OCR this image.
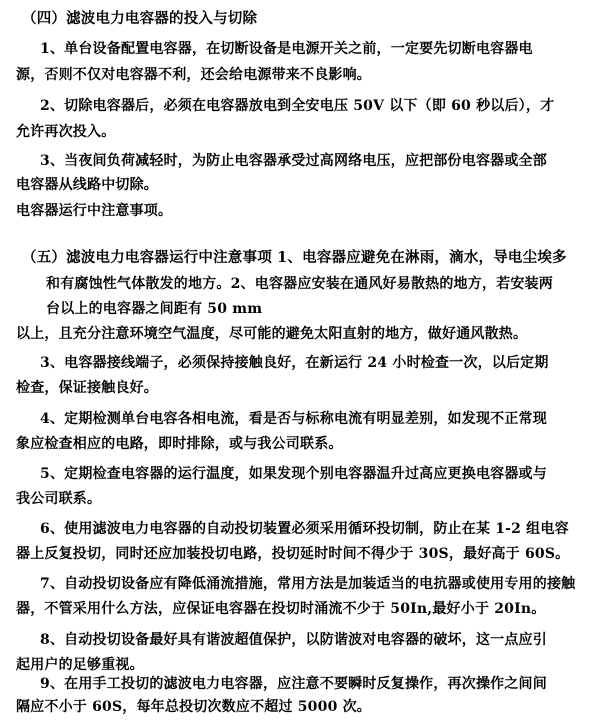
（四）滤波电力电容器的投入与切除
1、单台设备配置电容器，在切断设备是电源开关之前，一定要先切断电容器电
源，否则不仅对电容器不利，还会给电源带来不良影响。
2、切除电容器后，必须在电容器放电到全安电压 50V 以下（即 60 秒以后），才
允许再次投入。
3、当夜间负荷减轻时，为防止电容器承受过高网络电压，应把部份电容器或全部
电容器从线路中切除。
电容器运行中注意事项。
（五）滤波电力电容器运行中注意事项 1、电容器应避免在淋雨，滴水，导电尘埃多
和有腐蚀性气体散发的地方。2、电容器应安装在通风好易散热的地方，若安装两
台以上的电容器之间距有 50 mm
以上，且充分注意环境空气温度，尽可能的避免太阳直射的地方，做好通风散热。
3、电容器接线端子，必须保持接触良好，在新运行 24 小时检查一次，以后定期
检查，保证接触良好。
4、定期检测单台电容各相电流，看是否与标称电流有明显差别，如发现不正常现
象应检查相应的电路，即时排除，或与我公司联系。
5、定期检查电容器的运行温度，如果发现个别电容器温升过高应更换电容器或与
我公司联系。
6、使用滤波电力电容器的自动投切装置必须采用循环投切制，防止在某 1-2 组电容
器上反复投切，同时还应加装投切电路，投切延时时间不得少于 30S，最好高于 60S。
7、自动投切设备应有降低涌流措施，常用方法是加装适当的电抗器或使用专用的接触
器，不管采用什么方法，应保证电容器在投切时涌流不少于 50In,最好小于 20In。
8、自动投切设备最好具有谐波超值保护，以防谐波对电容器的破坏，这一点应引
起用户的足够重视。
9、在用手工投切的滤波电力电容器，应注意不要瞬时反复操作，再次操作之间间
隔应不小于 60S，每年总投切次数应不超过 5000 次。
